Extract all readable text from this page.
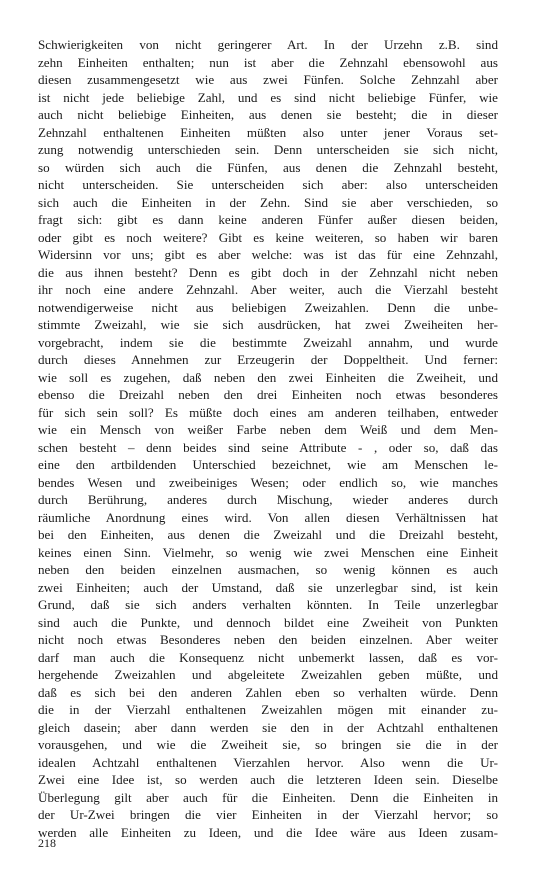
Schwierigkeiten von nicht geringerer Art. In der Urzehn z.B. sind
zehn Einheiten enthalten; nun ist aber die Zehnzahl ebensowohl aus
diesen zusammengesetzt wie aus zwei Fünfen. Solche Zehnzahl aber
ist nicht jede beliebige Zahl, und es sind nicht beliebige Fünfer, wie
auch nicht beliebige Einheiten, aus denen sie besteht; die in dieser
Zehnzahl enthaltenen Einheiten müßten also unter jener Voraus set-
zung notwendig unterschieden sein. Denn unterscheiden sie sich nicht,
so würden sich auch die Fünfen, aus denen die Zehnzahl besteht,
nicht unterscheiden. Sie unterscheiden sich aber: also unterscheiden
sich auch die Einheiten in der Zehn. Sind sie aber verschieden, so
fragt sich: gibt es dann keine anderen Fünfer außer diesen beiden,
oder gibt es noch weitere? Gibt es keine weiteren, so haben wir baren
Widersinn vor uns; gibt es aber welche: was ist das für eine Zehnzahl,
die aus ihnen besteht? Denn es gibt doch in der Zehnzahl nicht neben
ihr noch eine andere Zehnzahl. Aber weiter, auch die Vierzahl besteht
notwendigerweise nicht aus beliebigen Zweizahlen. Denn die unbe-
stimmte Zweizahl, wie sie sich ausdrücken, hat zwei Zweiheiten her-
vorgebracht, indem sie die bestimmte Zweizahl annahm, und wurde
durch dieses Annehmen zur Erzeugerin der Doppeltheit. Und ferner:
wie soll es zugehen, daß neben den zwei Einheiten die Zweiheit, und
ebenso die Dreizahl neben den drei Einheiten noch etwas besonderes
für sich sein soll? Es müßte doch eines am anderen teilhaben, entweder
wie ein Mensch von weißer Farbe neben dem Weiß und dem Men-
schen besteht – denn beides sind seine Attribute - , oder so, daß das
eine den artbildenden Unterschied bezeichnet, wie am Menschen le-
bendes Wesen und zweibeiniges Wesen; oder endlich so, wie manches
durch Berührung, anderes durch Mischung, wieder anderes durch
räumliche Anordnung eines wird. Von allen diesen Verhältnissen hat
bei den Einheiten, aus denen die Zweizahl und die Dreizahl besteht,
keines einen Sinn. Vielmehr, so wenig wie zwei Menschen eine Einheit
neben den beiden einzelnen ausmachen, so wenig können es auch
zwei Einheiten; auch der Umstand, daß sie unzerlegbar sind, ist kein
Grund, daß sie sich anders verhalten könnten. In Teile unzerlegbar
sind auch die Punkte, und dennoch bildet eine Zweiheit von Punkten
nicht noch etwas Besonderes neben den beiden einzelnen. Aber weiter
darf man auch die Konsequenz nicht unbemerkt lassen, daß es vor-
hergehende Zweizahlen und abgeleitete Zweizahlen geben müßte, und
daß es sich bei den anderen Zahlen eben so verhalten würde. Denn
die in der Vierzahl enthaltenen Zweizahlen mögen mit einander zu-
gleich dasein; aber dann werden sie den in der Achtzahl enthaltenen
vorausgehen, und wie die Zweiheit sie, so bringen sie die in der
idealen Achtzahl enthaltenen Vierzahlen hervor. Also wenn die Ur-
Zwei eine Idee ist, so werden auch die letzteren Ideen sein. Dieselbe
Überlegung gilt aber auch für die Einheiten. Denn die Einheiten in
der Ur-Zwei bringen die vier Einheiten in der Vierzahl hervor; so
werden alle Einheiten zu Ideen, und die Idee wäre aus Ideen zusam-
218
